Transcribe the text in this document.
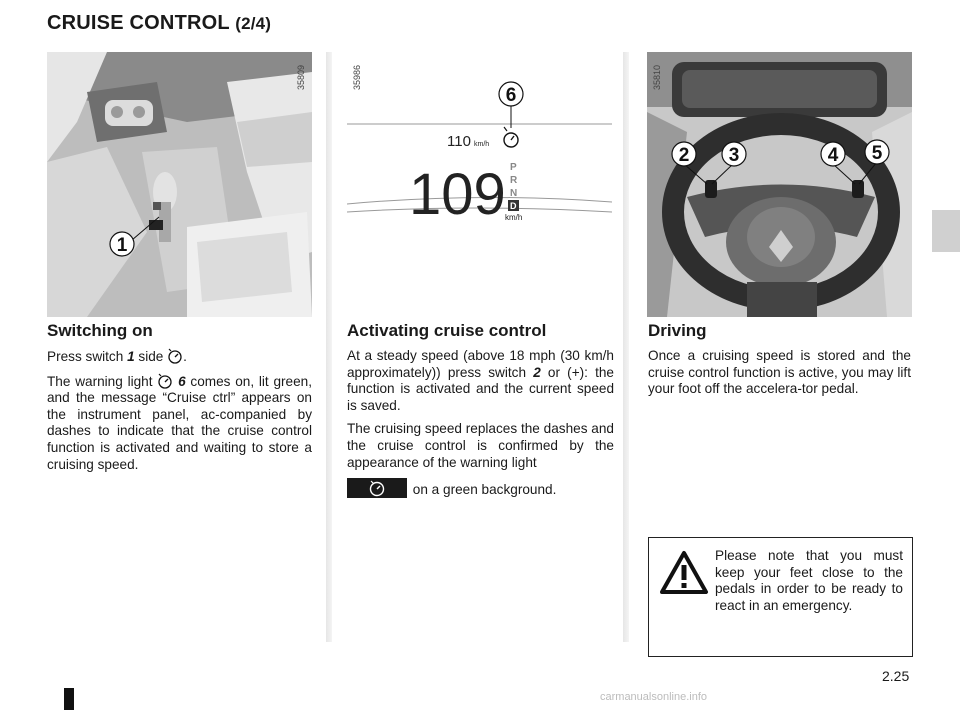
CRUISE CONTROL (2/4)
1
35809
110 km/h
109 km/h
P
R
N
D
6
35986
2 3	4 5
35810
Switching on

Press switch 1 side .

The warning light  6 comes on, lit green, and the message “Cruise ctrl” appears on the instrument panel, ac-companied by dashes to indicate that the cruise control function is activated and waiting to store a cruising speed.

Activating cruise control

At a steady speed (above 18 mph (30 km/h approximately)) press switch 2 or (+): the function is activated and the current speed is saved.

The cruising speed replaces the dashes and the cruise control is confirmed by the appearance of the warning light

on a green background.

Driving

Once a cruising speed is stored and the cruise control function is active, you may lift your foot off the accelera-tor pedal.

Please note that you must keep your feet close to the pedals in order to be ready to react in an emergency.
2.25
carmanualsonline.info
